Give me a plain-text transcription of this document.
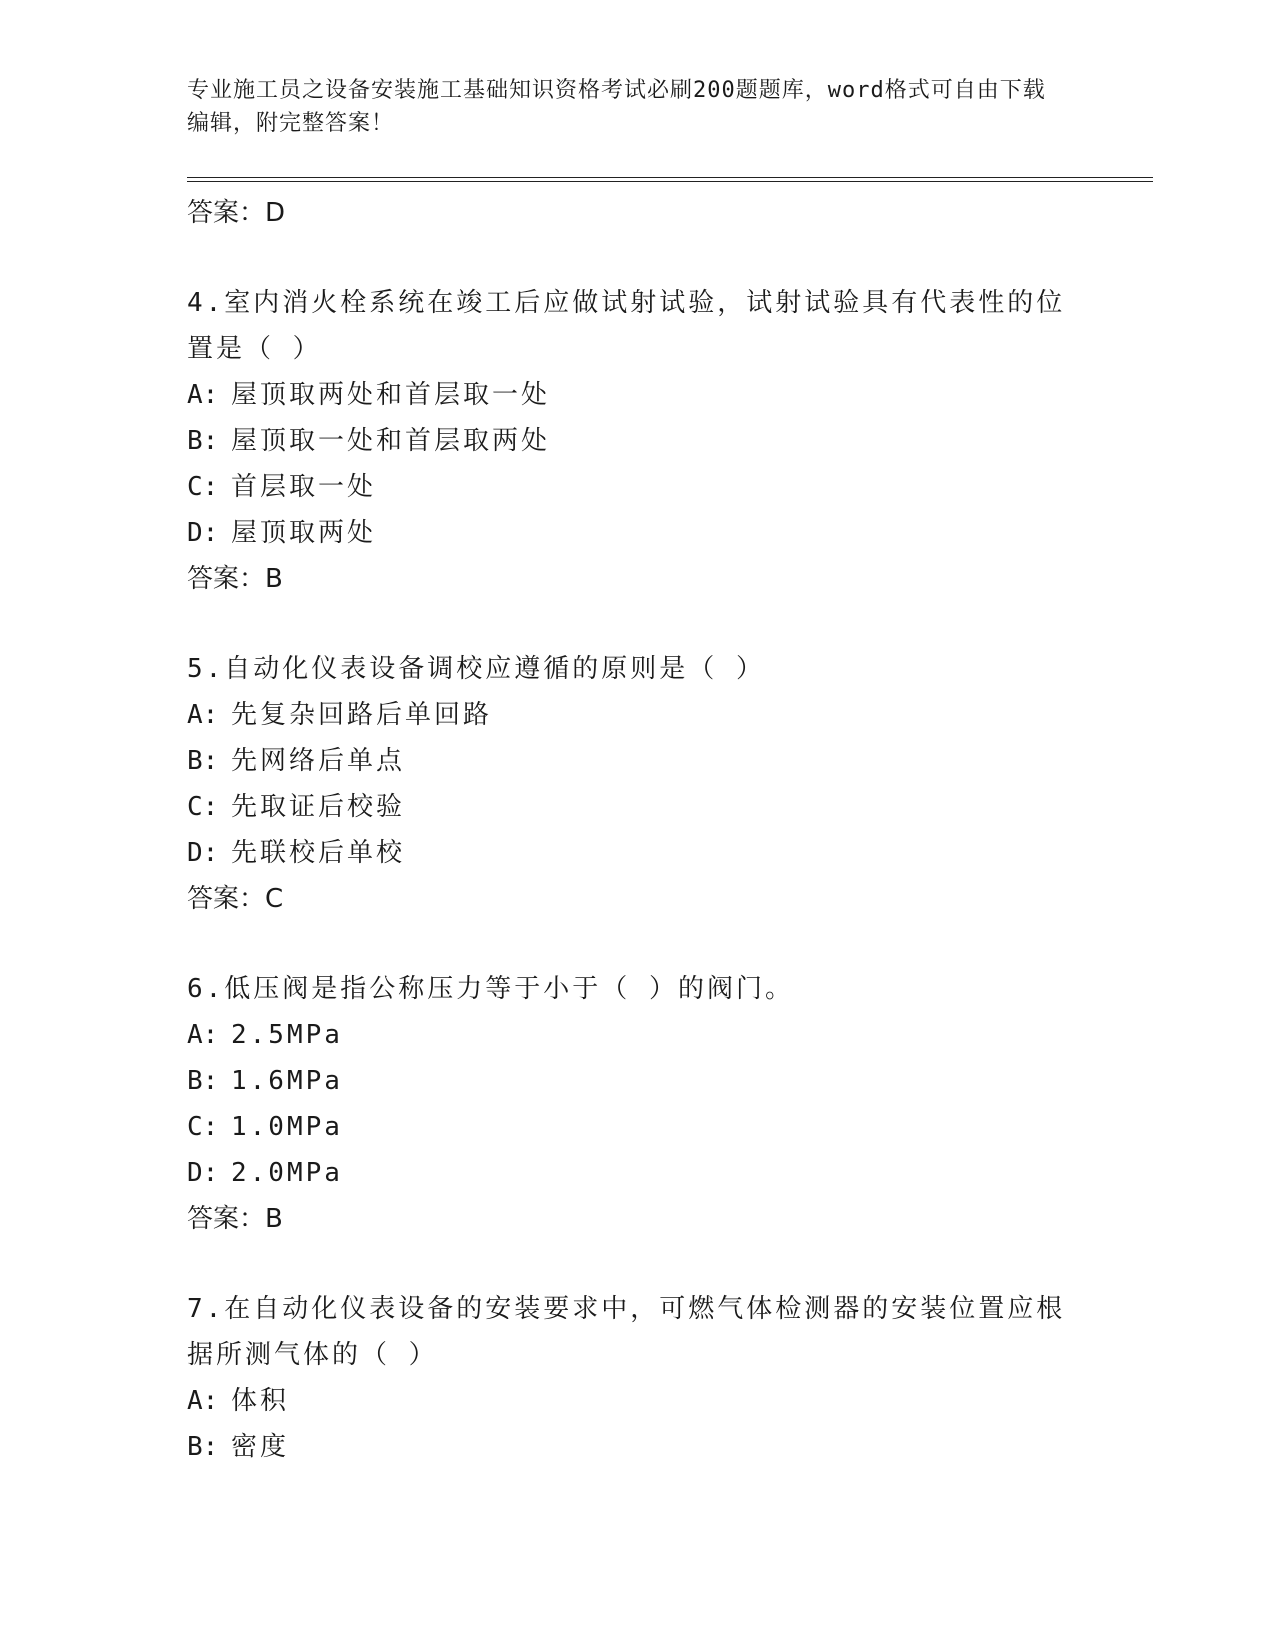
专业施工员之设备安装施工基础知识资格考试必刷200题题库，word格式可自由下载编辑，附完整答案！
答案：D
4.室内消火栓系统在竣工后应做试射试验，试射试验具有代表性的位置是（ ）
A: 屋顶取两处和首层取一处
B: 屋顶取一处和首层取两处
C: 首层取一处
D: 屋顶取两处
答案：B
5.自动化仪表设备调校应遵循的原则是（ ）
A: 先复杂回路后单回路
B: 先网络后单点
C: 先取证后校验
D: 先联校后单校
答案：C
6.低压阀是指公称压力等于小于（ ）的阀门。
A: 2.5MPa
B: 1.6MPa
C: 1.0MPa
D: 2.0MPa
答案：B
7.在自动化仪表设备的安装要求中，可燃气体检测器的安装位置应根据所测气体的（ ）
A: 体积
B: 密度
